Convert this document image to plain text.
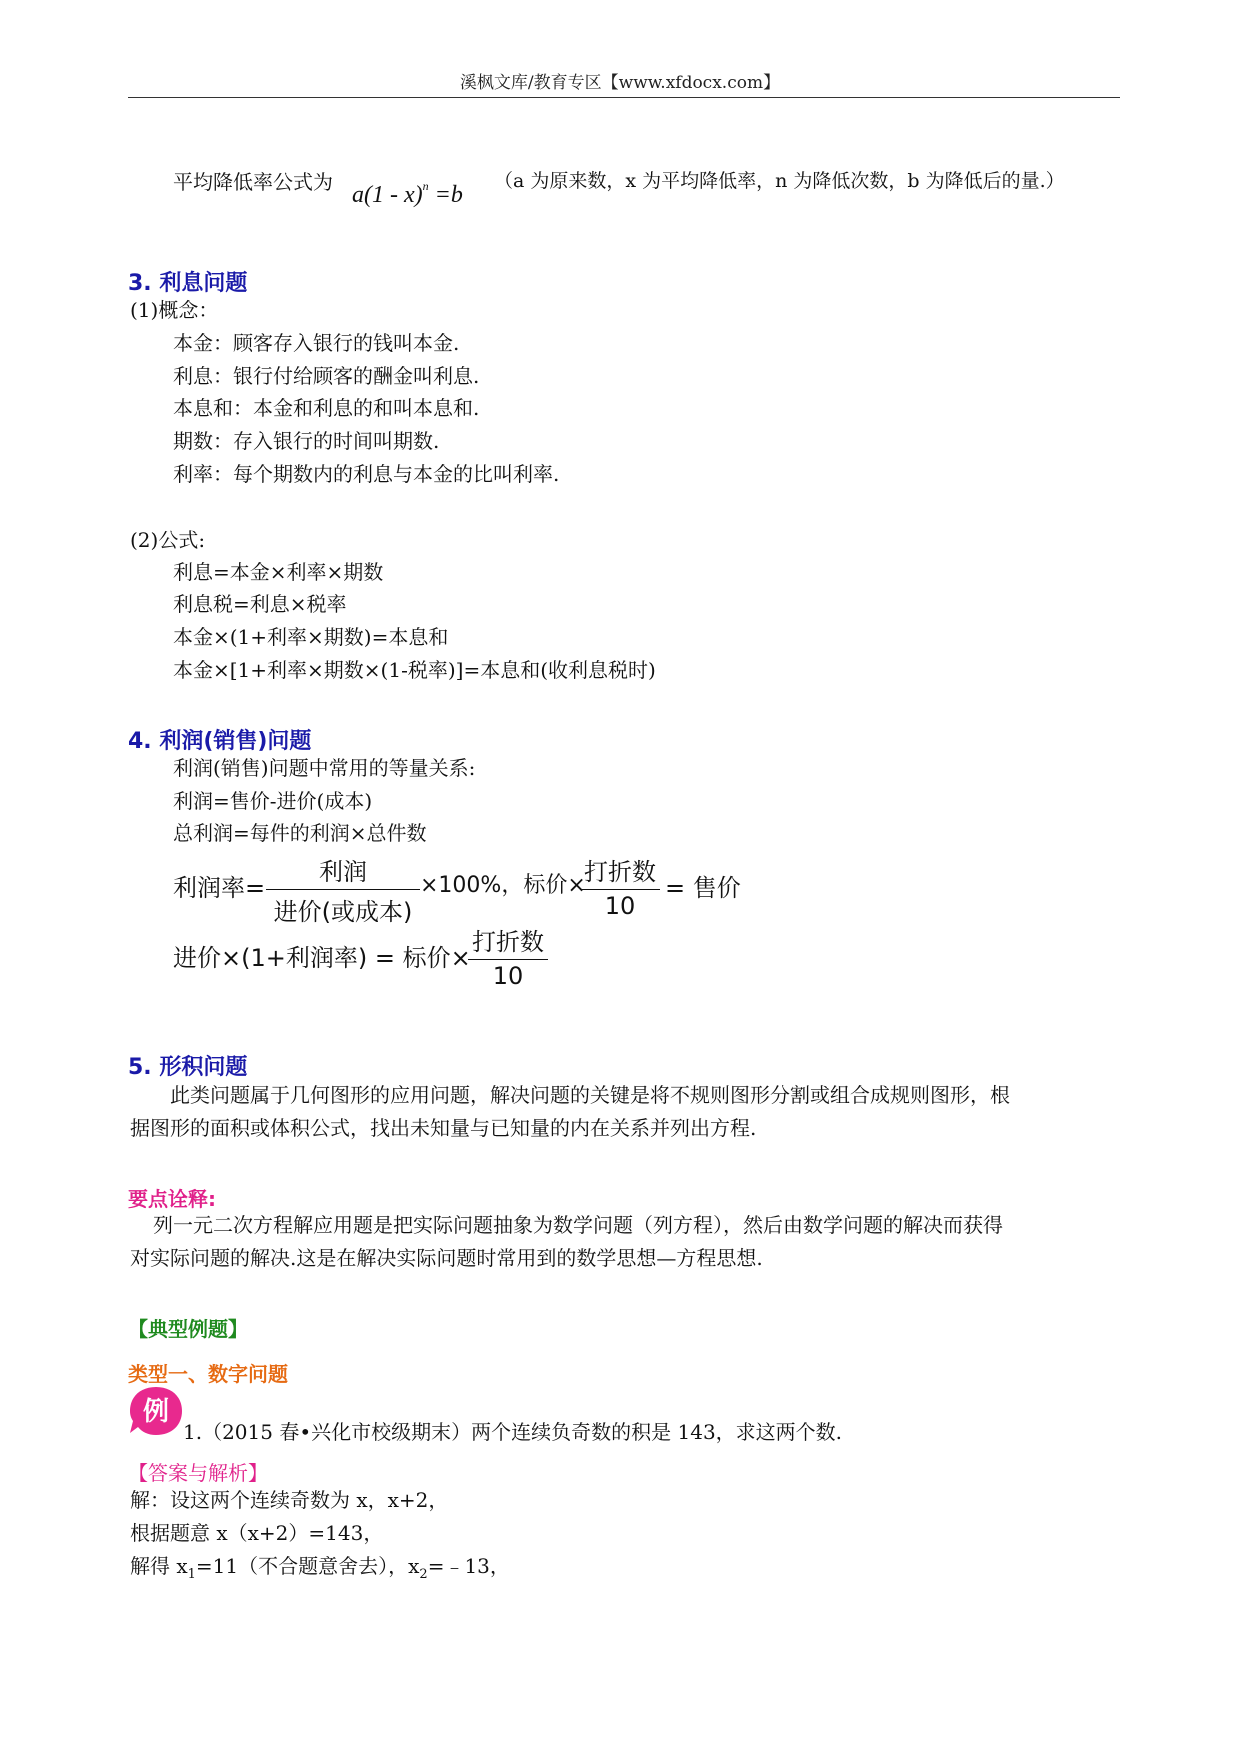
溪枫文库/教育专区【www.xfdocx.com】
平均降低率公式为 a(1 - x)$^n$ =b
（a 为原来数，x 为平均降低率，n 为降低次数，b 为降低后的量.）
3. 利息问题
(1)概念：
本金：顾客存入银行的钱叫本金.
利息：银行付给顾客的酬金叫利息.
本息和：本金和利息的和叫本息和.
期数：存入银行的时间叫期数.
利率：每个期数内的利息与本金的比叫利率.
(2)公式:
利息=本金×利率×期数
利息税=利息×税率
本金×(1+利率×期数)=本息和
本金×[1+利率×期数×(1-税率)]=本息和(收利息税时)
4. 利润(销售)问题
利润(销售)问题中常用的等量关系:
利润=售价-进价(成本)
总利润=每件的利润×总件数
利润率=
利润
进价(或成本)
×100%，标价×
打折数
10
= 售价
进价×(1+利润率) = 标价×
打折数
10
5. 形积问题
此类问题属于几何图形的应用问题，解决问题的关键是将不规则图形分割或组合成规则图形，根
据图形的面积或体积公式，找出未知量与已知量的内在关系并列出方程.
要点诠释:
列一元二次方程解应用题是把实际问题抽象为数学问题（列方程），然后由数学问题的解决而获得
对实际问题的解决.这是在解决实际问题时常用到的数学思想—方程思想.
【典型例题】
类型一、数字问题
例
1.（2015 春•兴化市校级期末）两个连续负奇数的积是 143，求这两个数.
【答案与解析】
解：设这两个连续奇数为 x，x+2，
根据题意 x（x+2）=143，
解得 $x_1=11$（不合题意舍去），$x_2=﹣13$，
